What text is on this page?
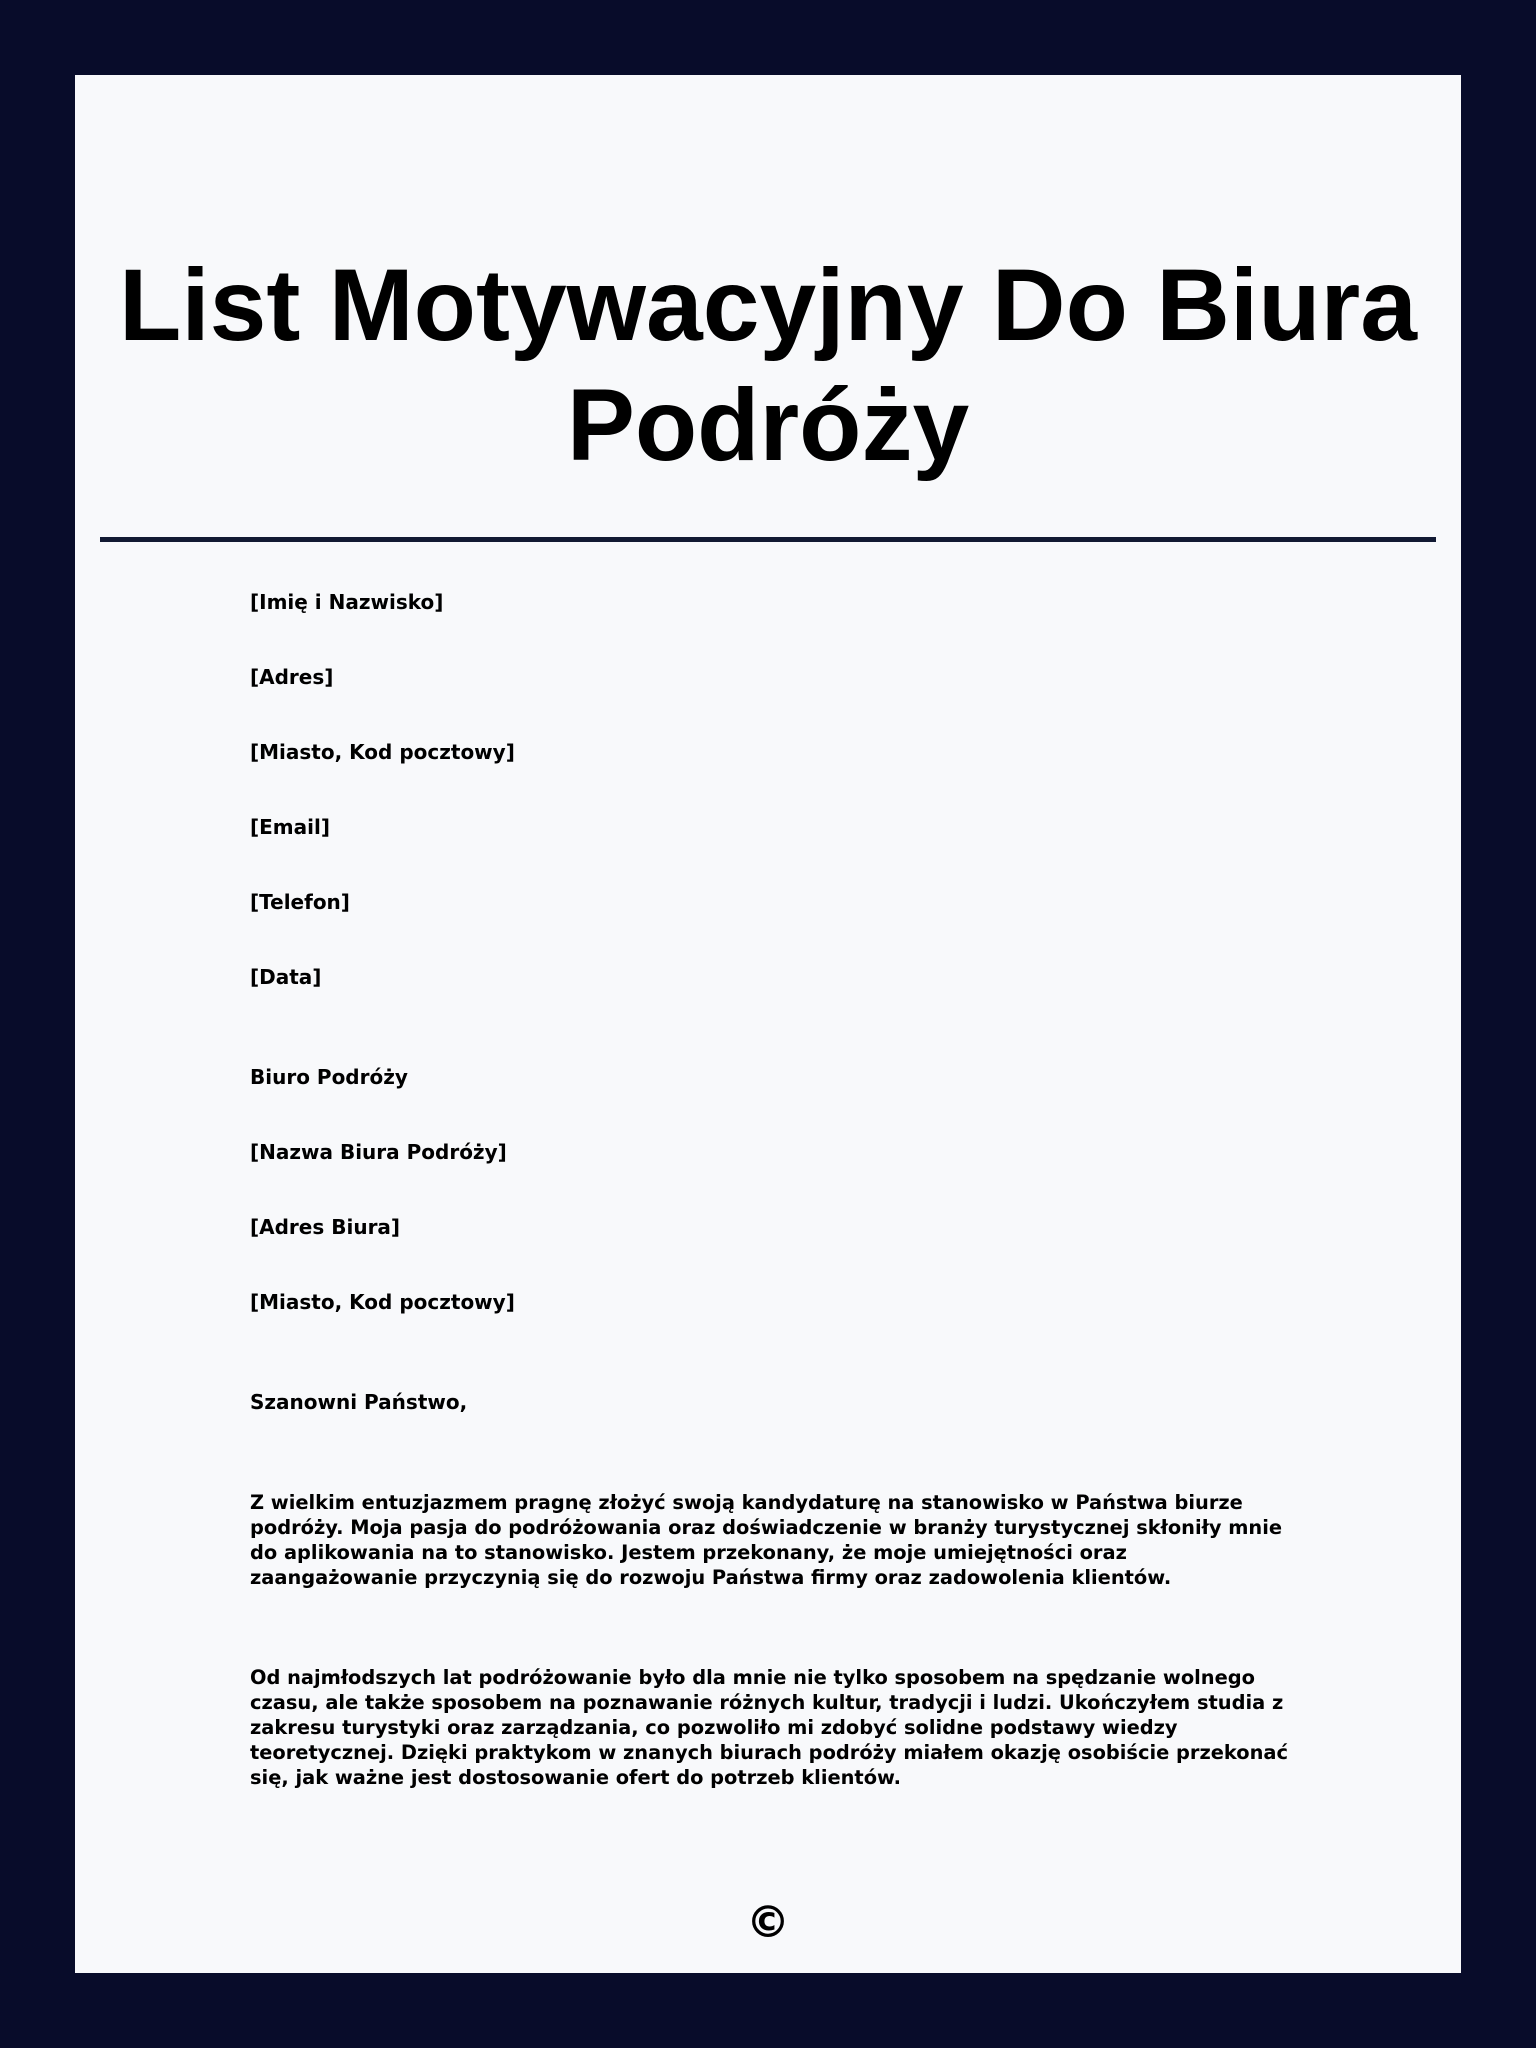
List Motywacyjny Do Biura Podróży

[Imię i Nazwisko]

[Adres]

[Miasto, Kod pocztowy]

[Email]

[Telefon]

[Data]

Biuro Podróży

[Nazwa Biura Podróży]

[Adres Biura]

[Miasto, Kod pocztowy]

Szanowni Państwo,

Z wielkim entuzjazmem pragnę złożyć swoją kandydaturę na stanowisko w Państwa biurze podróży. Moja pasja do podróżowania oraz doświadczenie w branży turystycznej skłoniły mnie do aplikowania na to stanowisko. Jestem przekonany, że moje umiejętności oraz zaangażowanie przyczynią się do rozwoju Państwa firmy oraz zadowolenia klientów.

Od najmłodszych lat podróżowanie było dla mnie nie tylko sposobem na spędzanie wolnego czasu, ale także sposobem na poznawanie różnych kultur, tradycji i ludzi. Ukończyłem studia z zakresu turystyki oraz zarządzania, co pozwoliło mi zdobyć solidne podstawy wiedzy teoretycznej. Dzięki praktykom w znanych biurach podróży miałem okazję osobiście przekonać się, jak ważne jest dostosowanie ofert do potrzeb klientów.

©
